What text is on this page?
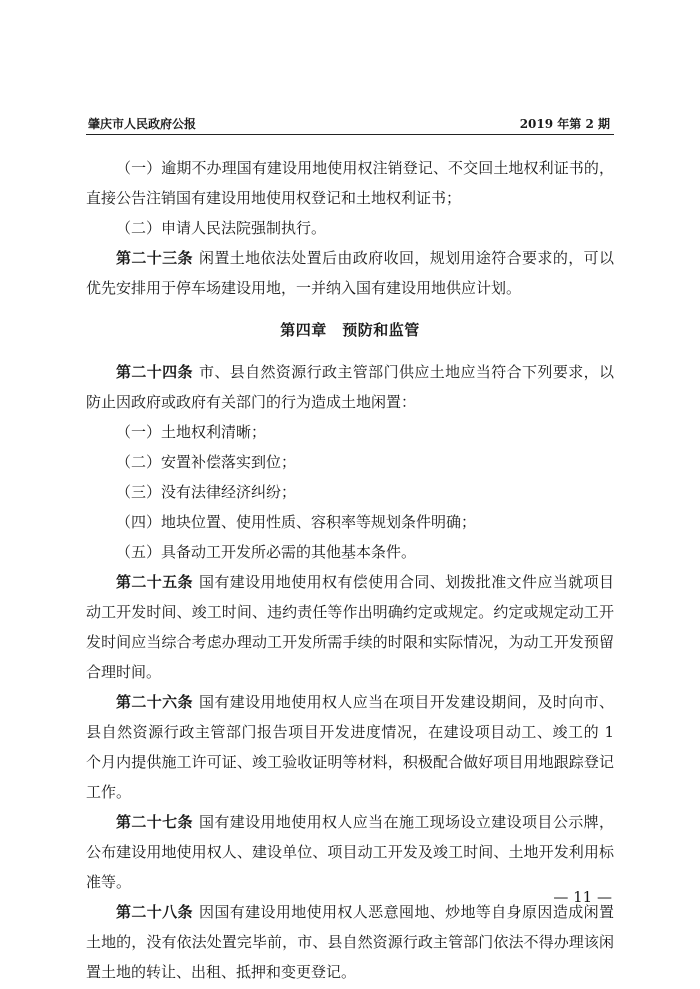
肇庆市人民政府公报	2019 年第 2 期

（一）逾期不办理国有建设用地使用权注销登记、不交回土地权利证书的，直接公告注销国有建设用地使用权登记和土地权利证书；

（二）申请人民法院强制执行。

第二十三条 闲置土地依法处置后由政府收回，规划用途符合要求的，可以优先安排用于停车场建设用地，一并纳入国有建设用地供应计划。

第四章　预防和监管

第二十四条 市、县自然资源行政主管部门供应土地应当符合下列要求，以防止因政府或政府有关部门的行为造成土地闲置：

（一）土地权利清晰；

（二）安置补偿落实到位；

（三）没有法律经济纠纷；

（四）地块位置、使用性质、容积率等规划条件明确；

（五）具备动工开发所必需的其他基本条件。

第二十五条 国有建设用地使用权有偿使用合同、划拨批准文件应当就项目动工开发时间、竣工时间、违约责任等作出明确约定或规定。约定或规定动工开发时间应当综合考虑办理动工开发所需手续的时限和实际情况，为动工开发预留合理时间。

第二十六条 国有建设用地使用权人应当在项目开发建设期间，及时向市、县自然资源行政主管部门报告项目开发进度情况，在建设项目动工、竣工的 1 个月内提供施工许可证、竣工验收证明等材料，积极配合做好项目用地跟踪登记工作。

第二十七条 国有建设用地使用权人应当在施工现场设立建设项目公示牌，公布建设用地使用权人、建设单位、项目动工开发及竣工时间、土地开发利用标准等。

第二十八条 因国有建设用地使用权人恶意囤地、炒地等自身原因造成闲置土地的，没有依法处置完毕前，市、县自然资源行政主管部门依法不得办理该闲置土地的转让、出租、抵押和变更登记。

— 11 —
